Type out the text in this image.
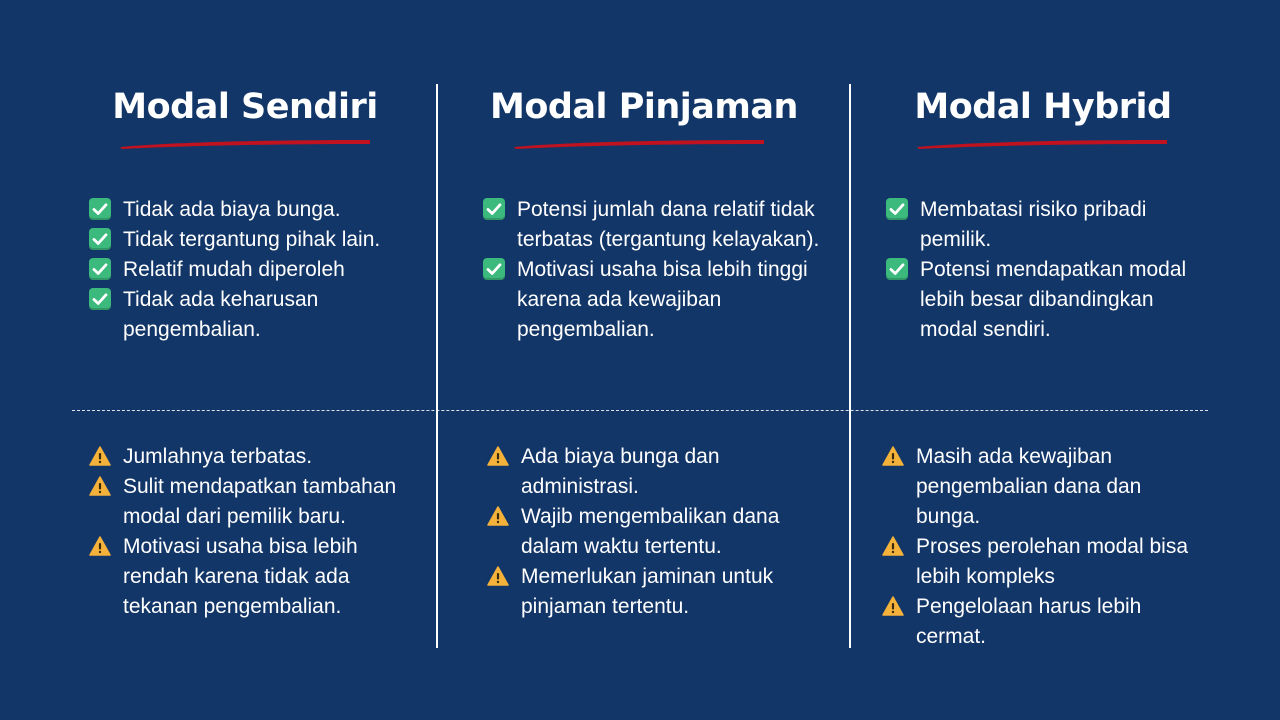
Modal Sendiri	Modal Pinjaman	Modal Hybrid
Tidak ada biaya bunga.
Tidak tergantung pihak lain.
Relatif mudah diperoleh
Tidak ada keharusan pengembalian.
Potensi jumlah dana relatif tidak terbatas (tergantung kelayakan).
Motivasi usaha bisa lebih tinggi karena ada kewajiban pengembalian.
Membatasi risiko pribadi pemilik.
Potensi mendapatkan modal lebih besar dibandingkan modal sendiri.
Jumlahnya terbatas.
Sulit mendapatkan tambahan modal dari pemilik baru.
Motivasi usaha bisa lebih rendah karena tidak ada tekanan pengembalian.
Ada biaya bunga dan administrasi.
Wajib mengembalikan dana dalam waktu tertentu.
Memerlukan jaminan untuk pinjaman tertentu.
Masih ada kewajiban pengembalian dana dan bunga.
Proses perolehan modal bisa lebih kompleks
Pengelolaan harus lebih cermat.
